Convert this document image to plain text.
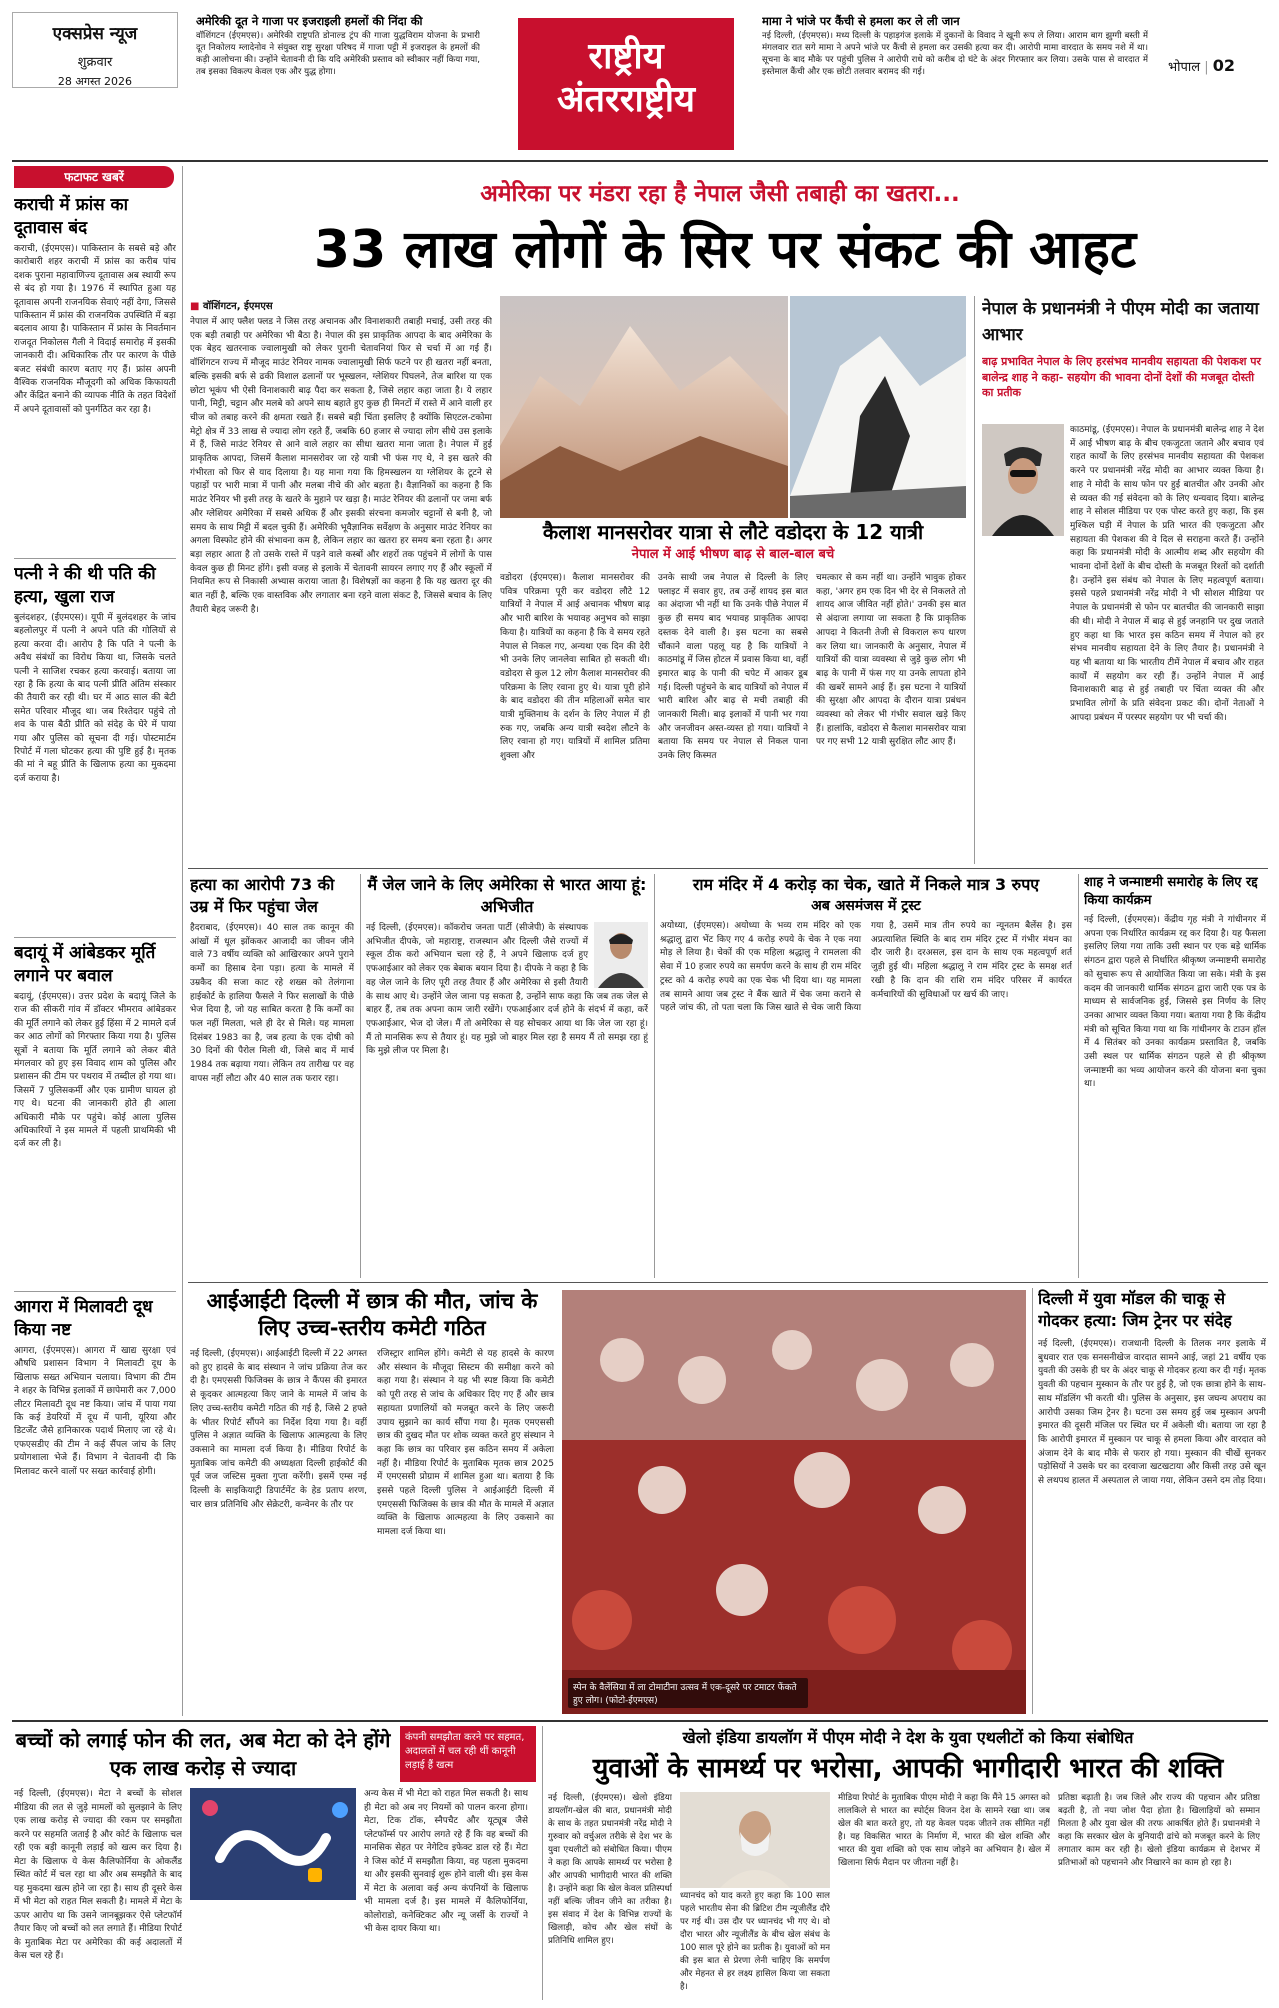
एक्सप्रेस न्यूज
शुक्रवार
28 अगस्त 2026
अमेरिकी दूत ने गाजा पर इजराइली हमलों की निंदा की
वॉशिंगटन (ईएमएस)। अमेरिकी राष्ट्रपति डोनाल्ड ट्रंप की गाजा युद्धविराम योजना के प्रभारी दूत निकोलय म्लादेनोव ने संयुक्त राष्ट्र सुरक्षा परिषद में गाजा पट्टी में इजराइल के हमलों की कड़ी आलोचना की। उन्होंने चेतावनी दी कि यदि अमेरिकी प्रस्ताव को स्वीकार नहीं किया गया, तब इसका विकल्प केवल एक और युद्ध होगा।	राष्ट्रीय
अंतरराष्ट्रीय
मामा ने भांजे पर कैंची से हमला कर ले ली जान
नई दिल्ली, (ईएमएस)। मध्य दिल्ली के पहाड़गंज इलाके में दुकानों के विवाद ने खूनी रूप ले लिया। आराम बाग झुग्गी बस्ती में मंगलवार रात सगे मामा ने अपने भांजे पर कैंची से हमला कर उसकी हत्या कर दी। आरोपी मामा वारदात के समय नशे में था। सूचना के बाद मौके पर पहुंची पुलिस ने आरोपी राधे को करीब दो घंटे के अंदर गिरफ्तार कर लिया। उसके पास से वारदात में इस्तेमाल कैंची और एक छोटी तलवार बरामद की गई।	भोपाल | 02
फटाफट खबरें
कराची में फ्रांस का दूतावास बंद
कराची, (ईएमएस)। पाकिस्तान के सबसे बड़े और कारोबारी शहर कराची में फ्रांस का करीब पांच दशक पुराना महावाणिज्य दूतावास अब स्थायी रूप से बंद हो गया है। 1976 में स्थापित हुआ यह दूतावास अपनी राजनयिक सेवाएं नहीं देगा, जिससे पाकिस्तान में फ्रांस की राजनयिक उपस्थिति में बड़ा बदलाव आया है। पाकिस्तान में फ्रांस के निवर्तमान राजदूत निकोलस गैली ने विदाई समारोह में इसकी जानकारी दी। अधिकारिक तौर पर कारण के पीछे बजट संबंधी कारण बताए गए हैं। फ्रांस अपनी वैश्विक राजनयिक मौजूदगी को अधिक किफायती और केंद्रित बनाने की व्यापक नीति के तहत विदेशों में अपने दूतावासों को पुनर्गठित कर रहा है।
पत्नी ने की थी पति की हत्या, खुला राज
बुलंदशहर, (ईएमएस)। यूपी में बुलंदशहर के जांच बहलोलपुर में पत्नी ने अपने पति की गोलियों से हत्या करवा दी। आरोप है कि पति ने पत्नी के अवैध संबंधों का विरोध किया था, जिसके चलते पत्नी ने साजिश रचकर हत्या करवाई। बताया जा रहा है कि हत्या के बाद पत्नी प्रीति अंतिम संस्कार की तैयारी कर रही थी। घर में आठ साल की बेटी समेत परिवार मौजूद था। जब रिश्तेदार पहुंचे तो शव के पास बैठी प्रीति को संदेह के घेरे में पाया गया और पुलिस को सूचना दी गई। पोस्टमार्टम रिपोर्ट में गला घोटकर हत्या की पुष्टि हुई है। मृतक की मां ने बहू प्रीति के खिलाफ हत्या का मुकदमा दर्ज कराया है।
बदायूं में आंबेडकर मूर्ति लगाने पर बवाल
बदायूं, (ईएमएस)। उत्तर प्रदेश के बदायूं जिले के राज की सीकरी गांव में डॉक्टर भीमराव आंबेडकर की मूर्ति लगाने को लेकर हुई हिंसा में 2 मामले दर्ज कर आठ लोगों को गिरफ्तार किया गया है। पुलिस सूत्रों ने बताया कि मूर्ति लगाने को लेकर बीते मंगलवार को हुए इस विवाद शाम को पुलिस और प्रशासन की टीम पर पथराव में तब्दील हो गया था। जिसमें 7 पुलिसकर्मी और एक ग्रामीण घायल हो गए थे। घटना की जानकारी होते ही आला अधिकारी मौके पर पहुंचे। कोई आला पुलिस अधिकारियों ने इस मामले में पहली प्राथमिकी भी दर्ज कर ली है।
आगरा में मिलावटी दूध किया नष्ट
आगरा, (ईएमएस)। आगरा में खाद्य सुरक्षा एवं औषधि प्रशासन विभाग ने मिलावटी दूध के खिलाफ सख्त अभियान चलाया। विभाग की टीम ने शहर के विभिन्न इलाकों में छापेमारी कर 7,000 लीटर मिलावटी दूध नष्ट किया। जांच में पाया गया कि कई डेयरियों में दूध में पानी, यूरिया और डिटर्जेंट जैसे हानिकारक पदार्थ मिलाए जा रहे थे। एफएसडीए की टीम ने कई सैंपल जांच के लिए प्रयोगशाला भेजे हैं। विभाग ने चेतावनी दी कि मिलावट करने वालों पर सख्त कार्रवाई होगी।
अमेरिका पर मंडरा रहा है नेपाल जैसी तबाही का खतरा...
33 लाख लोगों के सिर पर संकट की आहट
■ वॉशिंगटन, ईएमएस
नेपाल में आए फ्लैश फ्लड ने जिस तरह अचानक और विनाशकारी तबाही मचाई, उसी तरह की एक बड़ी तबाही पर अमेरिका भी बैठा है। नेपाल की इस प्राकृतिक आपदा के बाद अमेरिका के एक बेहद खतरनाक ज्वालामुखी को लेकर पुरानी चेतावनियां फिर से चर्चा में आ गई हैं। वॉशिंगटन राज्य में मौजूद माउंट रेनियर नामक ज्वालामुखी सिर्फ फटने पर ही खतरा नहीं बनता, बल्कि इसकी बर्फ से ढकी विशाल ढलानों पर भूस्खलन, ग्लेशियर पिघलने, तेज बारिश या एक छोटा भूकंप भी ऐसी विनाशकारी बाढ़ पैदा कर सकता है, जिसे लहार कहा जाता है। ये लहार पानी, मिट्टी, चट्टान और मलबे को अपने साथ बहाते हुए कुछ ही मिनटों में रास्ते में आने वाली हर चीज को तबाह करने की क्षमता रखते हैं। सबसे बड़ी चिंता इसलिए है क्योंकि सिएटल-टकोमा मेट्रो क्षेत्र में 33 लाख से ज्यादा लोग रहते हैं, जबकि 60 हजार से ज्यादा लोग सीधे उस इलाके में हैं, जिसे माउंट रेनियर से आने वाले लहार का सीधा खतरा माना जाता है। नेपाल में हुई प्राकृतिक आपदा, जिसमें कैलाश मानसरोवर जा रहे यात्री भी फंस गए थे, ने इस खतरे की गंभीरता को फिर से याद दिलाया है। यह माना गया कि हिमस्खलन या ग्लेशियर के टूटने से पहाड़ों पर भारी मात्रा में पानी और मलबा नीचे की ओर बहता है। वैज्ञानिकों का कहना है कि माउंट रेनियर भी इसी तरह के खतरे के मुहाने पर खड़ा है। माउंट रेनियर की ढलानों पर जमा बर्फ और ग्लेशियर अमेरिका में सबसे अधिक हैं और इसकी संरचना कमजोर चट्टानों से बनी है, जो समय के साथ मिट्टी में बदल चुकी हैं। अमेरिकी भूवैज्ञानिक सर्वेक्षण के अनुसार माउंट रेनियर का अगला विस्फोट होने की संभावना कम है, लेकिन लहार का खतरा हर समय बना रहता है। अगर बड़ा लहार आता है तो उसके रास्ते में पड़ने वाले कस्बों और शहरों तक पहुंचने में लोगों के पास केवल कुछ ही मिनट होंगे। इसी वजह से इलाके में चेतावनी सायरन लगाए गए हैं और स्कूलों में नियमित रूप से निकासी अभ्यास कराया जाता है। विशेषज्ञों का कहना है कि यह खतरा दूर की बात नहीं है, बल्कि एक वास्तविक और लगातार बना रहने वाला संकट है, जिससे बचाव के लिए तैयारी बेहद जरूरी है।
कैलाश मानसरोवर यात्रा से लौटे वडोदरा के 12 यात्री
नेपाल में आई भीषण बाढ़ से बाल-बाल बचे
वडोदरा (ईएमएस)। कैलाश मानसरोवर की पवित्र परिक्रमा पूरी कर वडोदरा लौटे 12 यात्रियों ने नेपाल में आई अचानक भीषण बाढ़ और भारी बारिश के भयावह अनुभव को साझा किया है। यात्रियों का कहना है कि वे समय रहते नेपाल से निकल गए, अन्यथा एक दिन की देरी भी उनके लिए जानलेवा साबित हो सकती थी। वडोदरा से कुल 12 लोग कैलाश मानसरोवर की परिक्रमा के लिए रवाना हुए थे। यात्रा पूरी होने के बाद वडोदरा की तीन महिलाओं समेत चार यात्री मुक्तिनाथ के दर्शन के लिए नेपाल में ही रुक गए, जबकि अन्य यात्री स्वदेश लौटने के लिए रवाना हो गए। यात्रियों में शामिल प्रतिमा शुक्ला और
उनके साथी जब नेपाल से दिल्ली के लिए फ्लाइट में सवार हुए, तब उन्हें शायद इस बात का अंदाजा भी नहीं था कि उनके पीछे नेपाल में कुछ ही समय बाद भयावह प्राकृतिक आपदा दस्तक देने वाली है। इस घटना का सबसे चौंकाने वाला पहलू यह है कि यात्रियों ने काठमांडू में जिस होटल में प्रवास किया था, वहीं इमारत बाढ़ के पानी की चपेट में आकर डूब गई। दिल्ली पहुंचने के बाद यात्रियों को नेपाल में भारी बारिश और बाढ़ से मची तबाही की जानकारी मिली। बाढ़ इलाकों में पानी भर गया और जनजीवन अस्त-व्यस्त हो गया। यात्रियों ने बताया कि समय पर नेपाल से निकल पाना उनके लिए किस्मत
चमत्कार से कम नहीं था। उन्होंने भावुक होकर कहा, 'अगर हम एक दिन भी देर से निकलते तो शायद आज जीवित नहीं होते।' उनकी इस बात से अंदाजा लगाया जा सकता है कि प्राकृतिक आपदा ने कितनी तेजी से विकराल रूप धारण कर लिया था। जानकारी के अनुसार, नेपाल में यात्रियों की यात्रा व्यवस्था से जुड़े कुछ लोग भी बाढ़ के पानी में फंस गए या उनके लापता होने की खबरें सामने आई हैं। इस घटना ने यात्रियों की सुरक्षा और आपदा के दौरान यात्रा प्रबंधन व्यवस्था को लेकर भी गंभीर सवाल खड़े किए हैं। हालांकि, वडोदरा से कैलाश मानसरोवर यात्रा पर गए सभी 12 यात्री सुरक्षित लौट आए हैं।
नेपाल के प्रधानमंत्री ने पीएम मोदी का जताया आभार
बाढ़ प्रभावित नेपाल के लिए हरसंभव मानवीय सहायता की पेशकश पर बालेन्द्र शाह ने कहा- सहयोग की भावना दोनों देशों की मजबूत दोस्ती का प्रतीक
काठमांडू, (ईएमएस)। नेपाल के प्रधानमंत्री बालेन्द्र शाह ने देश में आई भीषण बाढ़ के बीच एकजुटता जताने और बचाव एवं राहत कार्यों के लिए हरसंभव मानवीय सहायता की पेशकश करने पर प्रधानमंत्री नरेंद्र मोदी का आभार व्यक्त किया है। शाह ने मोदी के साथ फोन पर हुई बातचीत और उनकी ओर से व्यक्त की गई संवेदना को के लिए धन्यवाद दिया। बालेन्द्र शाह ने सोशल मीडिया पर एक पोस्ट करते हुए कहा, कि इस मुश्किल घड़ी में नेपाल के प्रति भारत की एकजुटता और सहायता की पेशकश की वे दिल से सराहना करते हैं। उन्होंने कहा कि प्रधानमंत्री मोदी के आत्मीय शब्द और सहयोग की भावना दोनों देशों के बीच दोस्ती के मजबूत रिश्तों को दर्शाती है। उन्होंने इस संबंध को नेपाल के लिए महत्वपूर्ण बताया। इससे पहले प्रधानमंत्री नरेंद्र मोदी ने भी सोशल मीडिया पर नेपाल के प्रधानमंत्री से फोन पर बातचीत की जानकारी साझा की थी। मोदी ने नेपाल में बाढ़ से हुई जनहानि पर दुख जताते हुए कहा था कि भारत इस कठिन समय में नेपाल को हर संभव मानवीय सहायता देने के लिए तैयार है। प्रधानमंत्री ने यह भी बताया था कि भारतीय टीमें नेपाल में बचाव और राहत कार्यों में सहयोग कर रही हैं। उन्होंने नेपाल में आई विनाशकारी बाढ़ से हुई तबाही पर चिंता व्यक्त की और प्रभावित लोगों के प्रति संवेदना प्रकट की। दोनों नेताओं ने आपदा प्रबंधन में परस्पर सहयोग पर भी चर्चा की।
हत्या का आरोपी 73 की उम्र में फिर पहुंचा जेल
हैदराबाद, (ईएमएस)। 40 साल तक कानून की आंखों में धूल झोंककर आजादी का जीवन जीने वाले 73 वर्षीय व्यक्ति को आखिरकार अपने पुराने कर्मों का हिसाब देना पड़ा। हत्या के मामले में उम्रकैद की सजा काट रहे शख्स को तेलंगाना हाईकोर्ट के हालिया फैसले ने फिर सलाखों के पीछे भेज दिया है, जो यह साबित करता है कि कर्मों का फल नहीं मिलता, भले ही देर से मिले। यह मामला दिसंबर 1983 का है, जब हत्या के एक दोषी को 30 दिनों की पैरोल मिली थी, जिसे बाद में मार्च 1984 तक बढ़ाया गया। लेकिन तय तारीख पर वह वापस नहीं लौटा और 40 साल तक फरार रहा।
मैं जेल जाने के लिए अमेरिका से भारत आया हूं: अभिजीत
नई दिल्ली, (ईएमएस)। कॉकरोच जनता पार्टी (सीजेपी) के संस्थापक अभिजीत दीपके, जो महाराष्ट्र, राजस्थान और दिल्ली जैसे राज्यों में स्कूल ठीक करो अभियान चला रहे हैं, ने अपने खिलाफ दर्ज हुए एफआईआर को लेकर एक बेबाक बयान दिया है। दीपके ने कहा है कि वह जेल जाने के लिए पूरी तरह तैयार हैं और अमेरिका से इसी तैयारी के साथ आए थे। उन्होंने जेल जाना पड़ सकता है, उन्होंने साफ कहा कि जब तक जेल से बाहर हैं, तब तक अपना काम जारी रखेंगे। एफआईआर दर्ज होने के संदर्भ में कहा, कर्रे एफआईआर, भेज दो जेल। मैं तो अमेरिका से यह सोचकर आया था कि जेल जा रहा हूं। मैं तो मानसिक रूप से तैयार हूं। यह मुझे जो बाहर मिल रहा है समय मैं तो समझ रहा हूं कि मुझे लीज पर मिला है।
राम मंदिर में 4 करोड़ का चेक, खाते में निकले मात्र 3 रुपए
अब असमंजस में ट्रस्ट
अयोध्या, (ईएमएस)। अयोध्या के भव्य राम मंदिर को एक श्रद्धालु द्वारा भेंट किए गए 4 करोड़ रुपये के चेक ने एक नया मोड़ ले लिया है। चेकों की एक महिला श्रद्धालु ने रामलला की सेवा में 10 हजार रुपये का समर्पण करने के साथ ही राम मंदिर ट्रस्ट को 4 करोड़ रुपये का एक चेक भी दिया था। यह मामला तब सामने आया जब ट्रस्ट ने बैंक खाते में चेक जमा कराने से पहले जांच की, तो पता चला कि जिस खाते से चेक जारी किया गया है, उसमें मात्र तीन रुपये का न्यूनतम बैलेंस है। इस अप्रत्याशित स्थिति के बाद राम मंदिर ट्रस्ट में गंभीर मंथन का दौर जारी है। दरअसल, इस दान के साथ एक महत्वपूर्ण शर्त जुड़ी हुई थी। महिला श्रद्धालु ने राम मंदिर ट्रस्ट के समक्ष शर्त रखी है कि दान की राशि राम मंदिर परिसर में कार्यरत कर्मचारियों की सुविधाओं पर खर्च की जाए।
शाह ने जन्माष्टमी समारोह के लिए रद्द किया कार्यक्रम
नई दिल्ली, (ईएमएस)। केंद्रीय गृह मंत्री ने गांधीनगर में अपना एक निर्धारित कार्यक्रम रद्द कर दिया है। यह फैसला इसलिए लिया गया ताकि उसी स्थान पर एक बड़े धार्मिक संगठन द्वारा पहले से निर्धारित श्रीकृष्ण जन्माष्टमी समारोह को सुचारू रूप से आयोजित किया जा सके। मंत्री के इस कदम की जानकारी धार्मिक संगठन द्वारा जारी एक पत्र के माध्यम से सार्वजनिक हुई, जिससे इस निर्णय के लिए उनका आभार व्यक्त किया गया। बताया गया है कि केंद्रीय मंत्री को सूचित किया गया था कि गांधीनगर के टाउन हॉल में 4 सितंबर को उनका कार्यक्रम प्रस्तावित है, जबकि उसी स्थल पर धार्मिक संगठन पहले से ही श्रीकृष्ण जन्माष्टमी का भव्य आयोजन करने की योजना बना चुका था।
आईआईटी दिल्ली में छात्र की मौत, जांच के लिए उच्च-स्तरीय कमेटी गठित
नई दिल्ली, (ईएमएस)। आईआईटी दिल्ली में 22 अगस्त को हुए हादसे के बाद संस्थान ने जांच प्रक्रिया तेज कर दी है। एमएससी फिजिक्स के छात्र ने कैंपस की इमारत से कूदकर आत्महत्या किए जाने के मामले में जांच के लिए उच्च-स्तरीय कमेटी गठित की गई है, जिसे 2 हफ्ते के भीतर रिपोर्ट सौंपने का निर्देश दिया गया है। वहीं पुलिस ने अज्ञात व्यक्ति के खिलाफ आत्महत्या के लिए उकसाने का मामला दर्ज किया है। मीडिया रिपोर्ट के मुताबिक जांच कमेटी की अध्यक्षता दिल्ली हाईकोर्ट की पूर्व जज जस्टिस मुक्ता गुप्ता करेंगी। इसमें एम्स नई दिल्ली के साइकियाट्री डिपार्टमेंट के हेड प्रताप शरण, चार छात्र प्रतिनिधि और सेक्रेटरी, कन्वेनर के तौर पर
रजिस्ट्रार शामिल होंगे। कमेटी से यह हादसे के कारण और संस्थान के मौजूदा सिस्टम की समीक्षा करने को कहा गया है। संस्थान ने यह भी स्पष्ट किया कि कमेटी को पूरी तरह से जांच के अधिकार दिए गए हैं और छात्र सहायता प्रणालियों को मजबूत करने के लिए जरूरी उपाय सुझाने का कार्य सौंपा गया है। मृतक एमएससी छात्र की दुखद मौत पर शोक व्यक्त करते हुए संस्थान ने कहा कि छात्र का परिवार इस कठिन समय में अकेला नहीं है। मीडिया रिपोर्ट के मुताबिक मृतक छात्र 2025 में एमएससी प्रोग्राम में शामिल हुआ था। बताया है कि इससे पहले दिल्ली पुलिस ने आईआईटी दिल्ली में एमएससी फिजिक्स के छात्र की मौत के मामले में अज्ञात व्यक्ति के खिलाफ आत्महत्या के लिए उकसाने का मामला दर्ज किया था।
स्पेन के वैलेंसिया में ला टोमाटीना उत्सव में एक-दूसरे पर टमाटर फेंकते हुए लोग। (फोटो-ईएमएस)
दिल्ली में युवा मॉडल की चाकू से गोदकर हत्या: जिम ट्रेनर पर संदेह
नई दिल्ली, (ईएमएस)। राजधानी दिल्ली के तिलक नगर इलाके में बुधवार रात एक सनसनीखेज वारदात सामने आई, जहां 21 वर्षीय एक युवती की उसके ही घर के अंदर चाकू से गोदकर हत्या कर दी गई। मृतक युवती की पहचान मुस्कान के तौर पर हुई है, जो एक छात्रा होने के साथ-साथ मॉडलिंग भी करती थी। पुलिस के अनुसार, इस जघन्य अपराध का आरोपी उसका जिम ट्रेनर है। घटना उस समय हुई जब मुस्कान अपनी इमारत की दूसरी मंजिल पर स्थित घर में अकेली थी। बताया जा रहा है कि आरोपी इमारत में मुस्कान पर चाकू से हमला किया और वारदात को अंजाम देने के बाद मौके से फरार हो गया। मुस्कान की चीखें सुनकर पड़ोसियों ने उसके घर का दरवाजा खटखटाया और किसी तरह उसे खून से लथपथ हालत में अस्पताल ले जाया गया, लेकिन उसने दम तोड़ दिया।
बच्चों को लगाई फोन की लत, अब मेटा को देने होंगे एक लाख करोड़ से ज्यादा
कंपनी समझौता करने पर सहमत, अदालतों में चल रही थीं कानूनी लड़ाई हैं खत्म
नई दिल्ली, (ईएमएस)। मेटा ने बच्चों के सोशल मीडिया की लत से जुड़े मामलों को सुलझाने के लिए एक लाख करोड़ से ज्यादा की रकम पर समझौता करने पर सहमति जताई है और कोर्ट के खिलाफ चल रही एक बड़ी कानूनी लड़ाई को खत्म कर दिया है। मेटा के खिलाफ ये केस कैलिफोर्निया के ओकलैंड स्थित कोर्ट में चल रहा था और अब समझौते के बाद यह मुकदमा खत्म होने जा रहा है। साथ ही दूसरे केस में भी मेटा को राहत मिल सकती है। मामले में मेटा के ऊपर आरोप था कि उसने जानबूझकर ऐसे प्लेटफॉर्म तैयार किए जो बच्चों को लत लगाते हैं। मीडिया रिपोर्ट के मुताबिक मेटा पर अमेरिका की कई अदालतों में केस चल रहे हैं।
अन्य केस में भी मेटा को राहत मिल सकती है। साथ ही मेटा को अब नए नियमों को पालन करना होगा। मेटा, टिक टॉक, स्नैपचैट और यूट्यूब जैसे प्लेटफॉर्म्स पर आरोप लगते रहे हैं कि वह बच्चों की मानसिक सेहत पर नेगेटिव इफेक्ट डाल रहे हैं। मेटा ने जिस कोर्ट में समझौता किया, वह पहला मुकदमा था और इसकी सुनवाई शुरू होने वाली थी। इस केस में मेटा के अलावा कई अन्य कंपनियों के खिलाफ भी मामला दर्ज है। इस मामले में कैलिफोर्निया, कोलोराडो, कनेक्टिकट और न्यू जर्सी के राज्यों ने भी केस दायर किया था।
खेलो इंडिया डायलॉग में पीएम मोदी ने देश के युवा एथलीटों को किया संबोधित
युवाओं के सामर्थ्य पर भरोसा, आपकी भागीदारी भारत की शक्ति
नई दिल्ली, (ईएमएस)। खेलो इंडिया डायलॉग-खेल की बात, प्रधानमंत्री मोदी के साथ के तहत प्रधानमंत्री नरेंद्र मोदी ने गुरुवार को वर्चुअल तरीके से देश भर के युवा एथलीटों को संबोधित किया। पीएम ने कहा कि आपके सामर्थ्य पर भरोसा है और आपकी भागीदारी भारत की शक्ति है। उन्होंने कहा कि खेल केवल प्रतिस्पर्धा नहीं बल्कि जीवन जीने का तरीका है। इस संवाद में देश के विभिन्न राज्यों के खिलाड़ी, कोच और खेल संघों के प्रतिनिधि शामिल हुए।
ध्यानचंद को याद करते हुए कहा कि 100 साल पहले भारतीय सेना की ब्रिटिश टीम न्यूजीलैंड दौरे पर गई थी। उस दौर पर ध्यानचंद भी गए थे। वो दौरा भारत और न्यूजीलैंड के बीच खेल संबंध के 100 साल पूरे होने का प्रतीक है। युवाओं को मन की इस बात से प्रेरणा लेनी चाहिए कि समर्पण और मेहनत से हर लक्ष्य हासिल किया जा सकता है।
मीडिया रिपोर्ट के मुताबिक पीएम मोदी ने कहा कि मैंने 15 अगस्त को लालकिले से भारत का स्पोर्ट्स विजन देश के सामने रखा था। जब खेल की बात करते हुए, तो यह केवल पदक जीतने तक सीमित नहीं है। यह विकसित भारत के निर्माण में, भारत की खेल शक्ति और भारत की युवा शक्ति को एक साथ जोड़ने का अभियान है। खेल में खिलाना सिर्फ मैदान पर जीतना नहीं है।
प्रतिष्ठा बढ़ाती है। जब जिले और राज्य की पहचान और प्रतिष्ठा बढ़ती है, तो नया जोश पैदा होता है। खिलाड़ियों को सम्मान मिलता है और युवा खेल की तरफ आकर्षित होते हैं। प्रधानमंत्री ने कहा कि सरकार खेल के बुनियादी ढांचे को मजबूत करने के लिए लगातार काम कर रही है। खेलो इंडिया कार्यक्रम से देशभर में प्रतिभाओं को पहचानने और निखारने का काम हो रहा है।
